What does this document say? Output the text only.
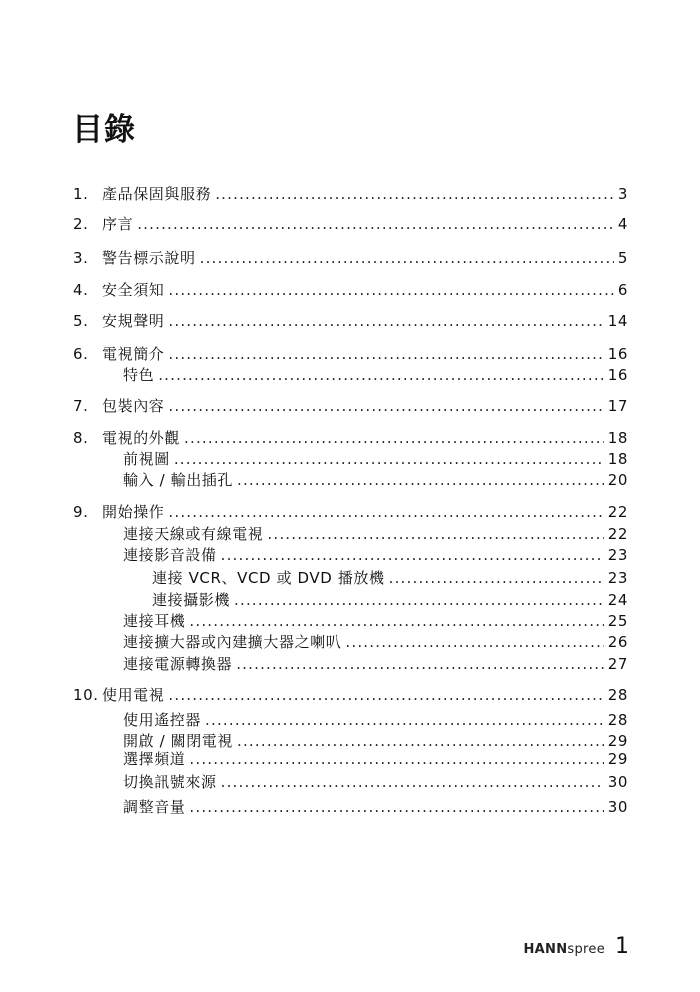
目錄
1. 產品保固與服務 .....	3
2. 序言 .....	4
3. 警告標示說明 .....	5
4. 安全須知 .....	6
5. 安規聲明 .....	14
6. 電視簡介 .....	16
特色 .....	16
7. 包裝內容 .....	17
8. 電視的外觀 .....	18
前視圖 .....	18
輸入 / 輸出插孔 .....	20
9. 開始操作 .....	22
連接天線或有線電視 .....	22
連接影音設備 .....	23
連接 VCR、VCD 或 DVD 播放機 .....	23
連接攝影機 .....	24
連接耳機 .....	25
連接擴大器或內建擴大器之喇叭 .....	26
連接電源轉換器 .....	27
10. 使用電視 .....	28
使用遙控器 .....	28
開啟 / 關閉電視 .....	29
選擇頻道 .....	29
切換訊號來源 .....	30
調整音量 .....	30
HANNspree 1
